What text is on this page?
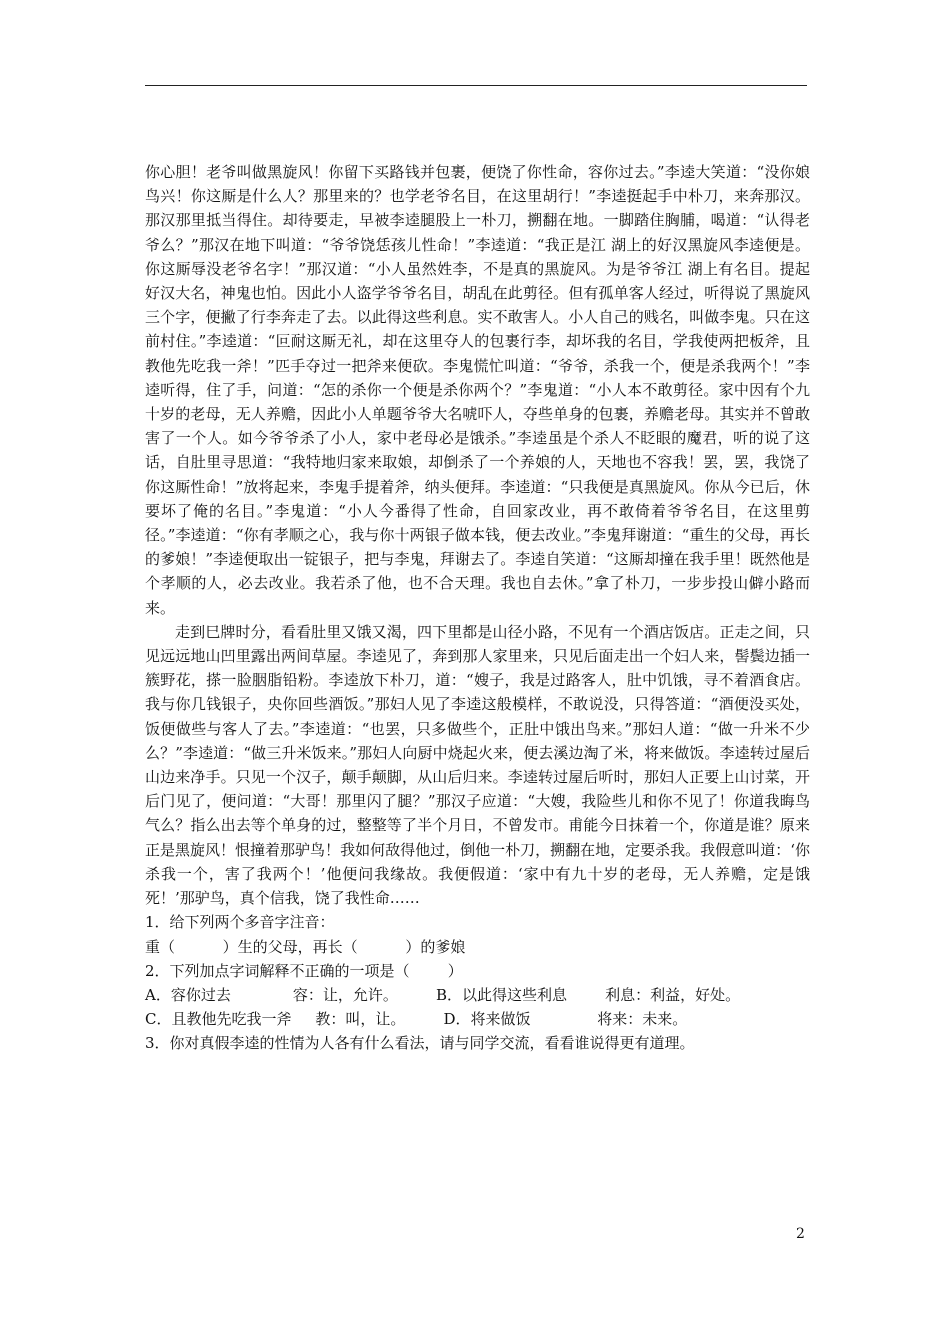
你心胆！老爷叫做黑旋风！你留下买路钱并包裹，便饶了你性命，容你过去。”李逵大笑道：“没你娘鸟兴！你这厮是什么人？那里来的？也学老爷名目，在这里胡行！”李逵挺起手中朴刀，来奔那汉。那汉那里抵当得住。却待要走，早被李逵腿股上一朴刀，搠翻在地。一脚踏住胸脯，喝道：“认得老爷么？”那汉在地下叫道：“爷爷饶恁孩儿性命！”李逵道：“我正是江 湖上的好汉黑旋风李逵便是。你这厮辱没老爷名字！”那汉道：“小人虽然姓李，不是真的黑旋风。为是爷爷江 湖上有名目。提起好汉大名，神鬼也怕。因此小人盗学爷爷名目，胡乱在此剪径。但有孤单客人经过，听得说了黑旋风三个字，便撇了行李奔走了去。以此得这些利息。实不敢害人。小人自己的贱名，叫做李鬼。只在这前村住。”李逵道：“叵耐这厮无礼，却在这里夺人的包裹行李，却坏我的名目，学我使两把板斧，且教他先吃我一斧！”匹手夺过一把斧来便砍。李鬼慌忙叫道：“爷爷，杀我一个，便是杀我两个！”李逵听得，住了手，问道：“怎的杀你一个便是杀你两个？”李鬼道：“小人本不敢剪径。家中因有个九十岁的老母，无人养赡，因此小人单题爷爷大名唬吓人，夺些单身的包裹，养赡老母。其实并不曾敢害了一个人。如今爷爷杀了小人，家中老母必是饿杀。”李逵虽是个杀人不眨眼的魔君，听的说了这话，自肚里寻思道：“我特地归家来取娘，却倒杀了一个养娘的人，天地也不容我！罢，罢，我饶了你这厮性命！”放将起来，李鬼手提着斧，纳头便拜。李逵道：“只我便是真黑旋风。你从今已后，休要坏了俺的名目。”李鬼道：“小人今番得了性命，自回家改业，再不敢倚着爷爷名目，在这里剪径。”李逵道：“你有孝顺之心，我与你十两银子做本钱，便去改业。”李鬼拜谢道：“重生的父母，再长的爹娘！”李逵便取出一锭银子，把与李鬼，拜谢去了。李逵自笑道：“这厮却撞在我手里！既然他是个孝顺的人，必去改业。我若杀了他，也不合天理。我也自去休。”拿了朴刀，一步步投山僻小路而来。

走到巳牌时分，看看肚里又饿又渴，四下里都是山径小路，不见有一个酒店饭店。正走之间，只见远远地山凹里露出两间草屋。李逵见了，奔到那人家里来，只见后面走出一个妇人来，髻鬓边插一簇野花，搽一脸胭脂铅粉。李逵放下朴刀，道：“嫂子，我是过路客人，肚中饥饿，寻不着酒食店。我与你几钱银子，央你回些酒饭。”那妇人见了李逵这般模样，不敢说没，只得答道：“酒便没买处，饭便做些与客人了去。”李逵道：“也罢，只多做些个，正肚中饿出鸟来。”那妇人道：“做一升米不少么？”李逵道：“做三升米饭来。”那妇人向厨中烧起火来，便去溪边淘了米，将来做饭。李逵转过屋后山边来净手。只见一个汉子，颠手颠脚，从山后归来。李逵转过屋后听时，那妇人正要上山讨菜，开后门见了，便问道：“大哥！那里闪了腿？”那汉子应道：“大嫂，我险些儿和你不见了！你道我晦鸟气么？指么出去等个单身的过，整整等了半个月日，不曾发市。甫能今日抹着一个，你道是谁？原来正是黑旋风！恨撞着那驴鸟！我如何敌得他过，倒他一朴刀，搠翻在地，定要杀我。我假意叫道：‘你杀我一个，害了我两个！’他便问我缘故。我便假道：‘家中有九十岁的老母，无人养赡，定是饿死！’那驴鸟，真个信我，饶了我性命……

1．给下列两个多音字注音：

重（          ）生的父母，再长（          ）的爹娘

2．下列加点字词解释不正确的一项是（        ）

A．容你过去             容：让，允许。        B．以此得这些利息        利息：利益，好处。

C．且教他先吃我一斧     教：叫，让。        D．将来做饭              将来：未来。

3．你对真假李逵的性情为人各有什么看法，请与同学交流，看看谁说得更有道理。

2
